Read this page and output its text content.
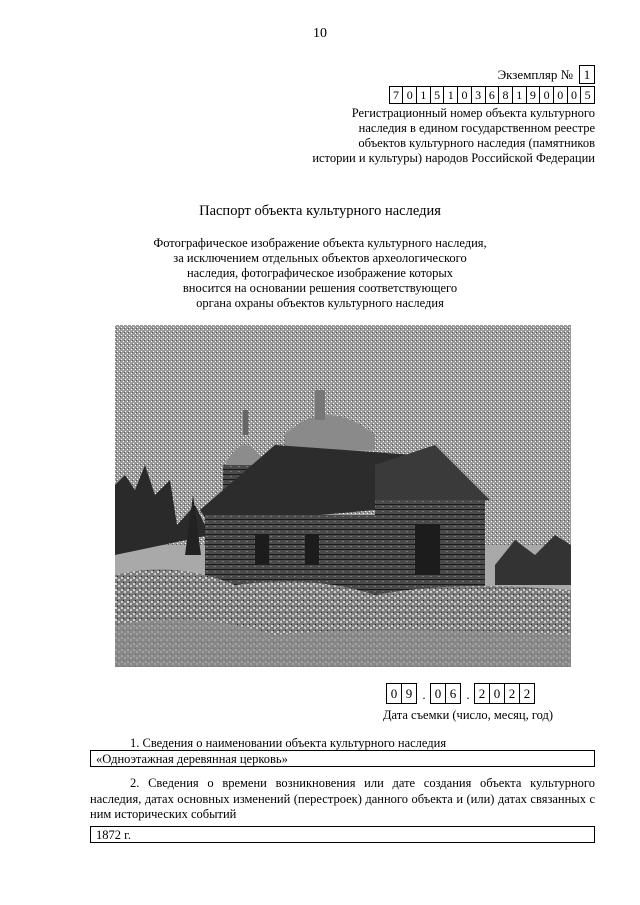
10
Экземпляр № 1
7 0 1 5 1 0 3 6 8 1 9 0 0 0 5
Регистрационный номер объекта культурного
наследия в едином государственном реестре
объектов культурного наследия (памятников
истории и культуры) народов Российской Федерации
Паспорт объекта культурного наследия
Фотографическое изображение объекта культурного наследия,
за исключением отдельных объектов археологического
наследия, фотографическое изображение которых
вносится на основании решения соответствующего
органа охраны объектов культурного наследия
0 9 . 0 6 . 2 0 2 2
Дата съемки (число, месяц, год)
1. Сведения о наименовании объекта культурного наследия
«Одноэтажная деревянная церковь»
2. Сведения о времени возникновения или дате создания объекта культурного наследия, датах основных изменений (перестроек) данного объекта и (или) датах связанных с ним исторических событий
1872 г.
